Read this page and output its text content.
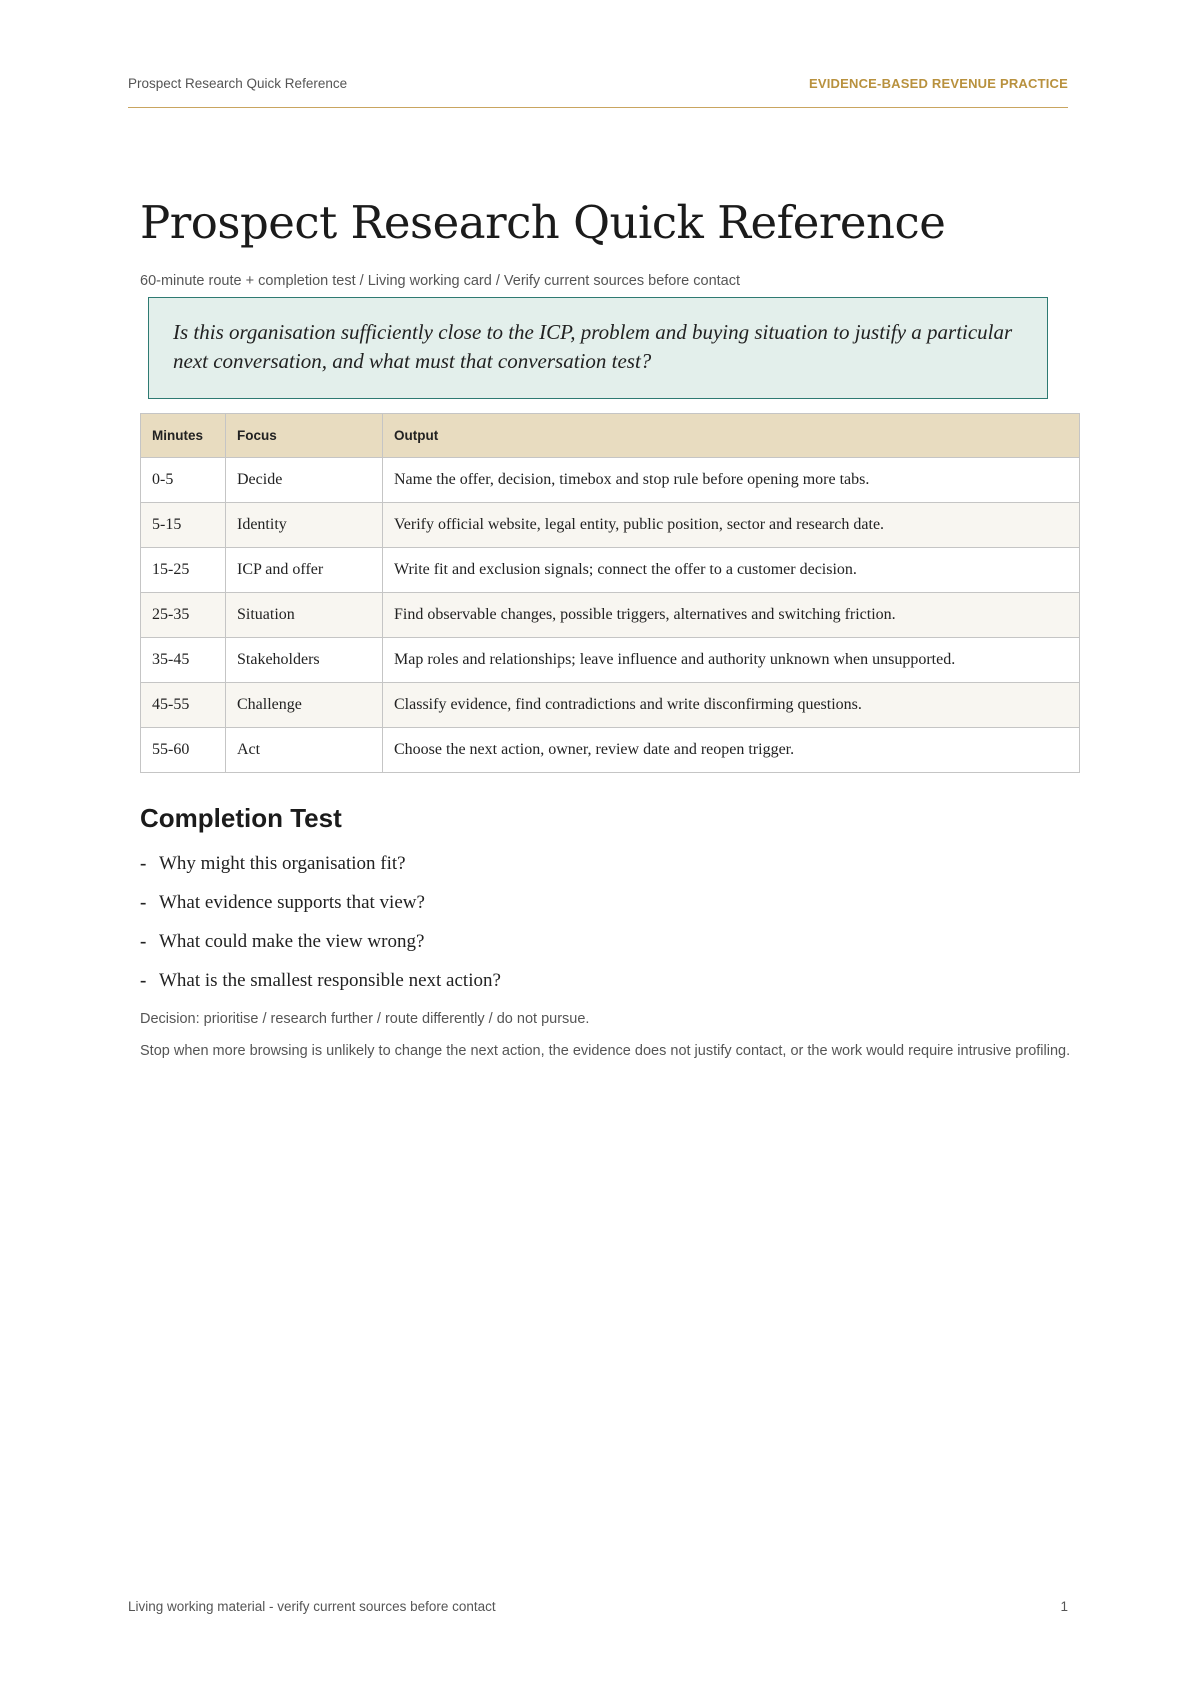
Prospect Research Quick Reference	EVIDENCE-BASED REVENUE PRACTICE
Prospect Research Quick Reference
60-minute route + completion test / Living working card / Verify current sources before contact
Is this organisation sufficiently close to the ICP, problem and buying situation to justify a particular next conversation, and what must that conversation test?
Minutes	Focus	Output
0-5	Decide	Name the offer, decision, timebox and stop rule before opening more tabs.
5-15	Identity	Verify official website, legal entity, public position, sector and research date.
15-25	ICP and offer	Write fit and exclusion signals; connect the offer to a customer decision.
25-35	Situation	Find observable changes, possible triggers, alternatives and switching friction.
35-45	Stakeholders	Map roles and relationships; leave influence and authority unknown when unsupported.
45-55	Challenge	Classify evidence, find contradictions and write disconfirming questions.
55-60	Act	Choose the next action, owner, review date and reopen trigger.
Completion Test
- Why might this organisation fit?
- What evidence supports that view?
- What could make the view wrong?
- What is the smallest responsible next action?
Decision: prioritise / research further / route differently / do not pursue.
Stop when more browsing is unlikely to change the next action, the evidence does not justify contact, or the work would require intrusive profiling.
Living working material - verify current sources before contact	1
